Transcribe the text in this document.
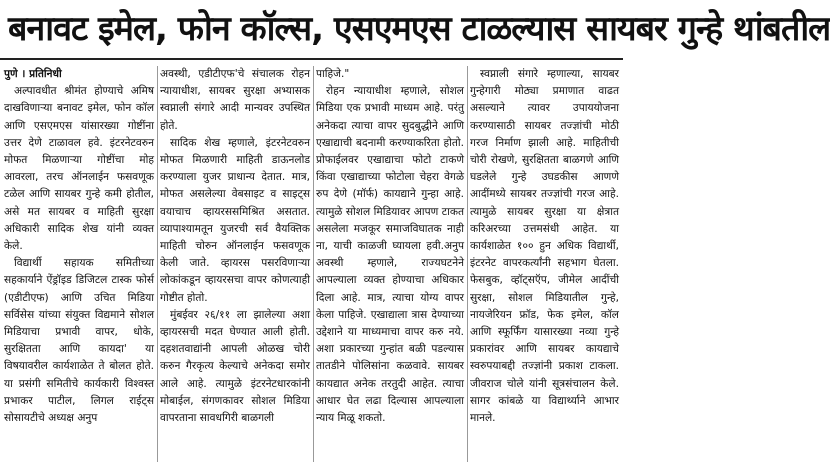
बनावट इमेल, फोन कॉल्स, एसएमएस टाळल्यास सायबर गुन्हे थांबतील

पुणे । प्रतिनिधी

अल्पावधीत श्रीमंत होण्याचे अमिष दाखविणाऱ्या बनावट इमेल, फोन कॉल आणि एसएमएस यांसारख्या गोष्टींना उत्तर देणे टाळावल हवे. इंटरनेटवरुन मोफत मिळणाऱ्या गोष्टींचा मोह आवरला, तरच ऑनलाईन फसवणूक टळेल आणि सायबर गुन्हे कमी होतील, असे मत सायबर व माहिती सुरक्षा अधिकारी सादिक शेख यांनी व्यक्त केले.

विद्यार्थी सहायक समितीच्या सहकार्याने ऐंड्रॉइड डिजिटल टास्क फोर्स (एडीटीएफ) आणि उचित मिडिया सर्विसेस यांच्या संयुक्त विद्यमाने सोशल मिडियाचा प्रभावी वापर, धोके, सुरक्षितता आणि कायदा' या विषयावरील कार्यशाळेत ते बोलत होते. या प्रसंगी समितीचे कार्यकारी विश्वस्त प्रभाकर पाटील, लिगल राईट्स सोसायटीचे अध्यक्ष अनुप

अवस्थी, एडीटीएफ'चे संचालक रोहन न्यायाधीश, सायबर सुरक्षा अभ्यासक स्वप्नाली संगारे आदी मान्यवर उपस्थित होते.

सादिक शेख म्हणाले, इंटरनेटवरुन मोफत मिळणारी माहिती डाऊनलोड करण्याला युजर प्राधान्य देतात. मात्र, मोफत असलेल्या वेबसाइट व साइट्स वयाचाच व्हायरससमिश्रित असतात. व्यापाश्यामतून युजरची सर्व वैयक्तिक माहिती चोरुन ऑनलाईन फसवणूक केली जाते. व्हायरस पसरविणाऱ्या लोकांकडून व्हायरसचा वापर कोणत्याही गोष्टीत होतो.

मुंबईवर २६/११ ला झालेल्या अशा व्हायरसची मदत घेण्यात आली होती. दहशतवाद्यांनी आपली ओळख चोरी करुन गैरकृत्य केल्याचे अनेकदा समोर आले आहे. त्यामुळे इंटरनेटधारकांनी मोबाईल, संगणकावर सोशल मिडिया वापरताना सावधगिरी बाळगली

पाहिजे."

रोहन न्यायाधीश म्हणाले, सोशल मिडिया एक प्रभावी माध्यम आहे. परंतु अनेकदा त्याचा वापर सुदबुद्धीने आणि एखाद्याची बदनामी करण्याकरिता होतो. प्रोफाईलवर एखाद्याचा फोटो टाकणे किंवा एखाद्याच्या फोटोला चेहरा वेगळे रुप देणे (मॉर्फ) कायद्याने गुन्हा आहे. त्यामुळे सोशल मिडियावर आपण टाकत असलेला मजकूर समाजविघातक नाही ना, याची काळजी घ्यायला हवी.अनुप अवस्थी म्हणाले, राज्यघटनेने आपल्याला व्यक्त होण्याचा अधिकार दिला आहे. मात्र, त्याचा योग्य वापर केला पाहिजे. एखाद्याला त्रास देण्याच्या उद्देशाने या माध्यमाचा वापर करु नये. अशा प्रकारच्या गुन्हांत बळी पडल्यास तातडीने पोलिसांना कळवावे. सायबर कायद्यात अनेक तरतुदी आहेत. त्याचा आधार घेत लढा दिल्यास आपल्याला न्याय मिळू शकतो.

स्वप्नाली संगारे म्हणाल्या, सायबर गुन्हेगारी मोठ्या प्रमाणात वाढत असल्याने त्यावर उपाययोजना करण्यासाठी सायबर तज्ज्ञांची मोठी गरज निर्माण झाली आहे. माहितीची चोरी रोखणे, सुरक्षितता बाळगणे आणि घडलेले गुन्हे उघडकीस आणणे आदींमध्ये सायबर तज्ज्ञांची गरज आहे. त्यामुळे सायबर सुरक्षा या क्षेत्रात करिअरच्या उत्तमसंधी आहेत. या कार्यशाळेत १०० हुन अधिक विद्यार्थी, इंटरनेट वापरकर्त्यांनी सहभाग घेतला. फेसबुक, व्हॉट्सऍप, जीमेल आदींची सुरक्षा, सोशल मिडियातील गुन्हे, नायजेरियन फ्रॉड, फेक इमेल, कॉल आणि स्फूर्फिंग यासारख्या नव्या गुन्हे प्रकारांवर आणि सायबर कायद्याचे स्वरुपयाबद्दी तज्ज्ञांनी प्रकाश टाकला. जीवराज चोले यांनी सूत्रसंचालन केले. सागर कांबळे या विद्यार्थ्याने आभार मानले.
